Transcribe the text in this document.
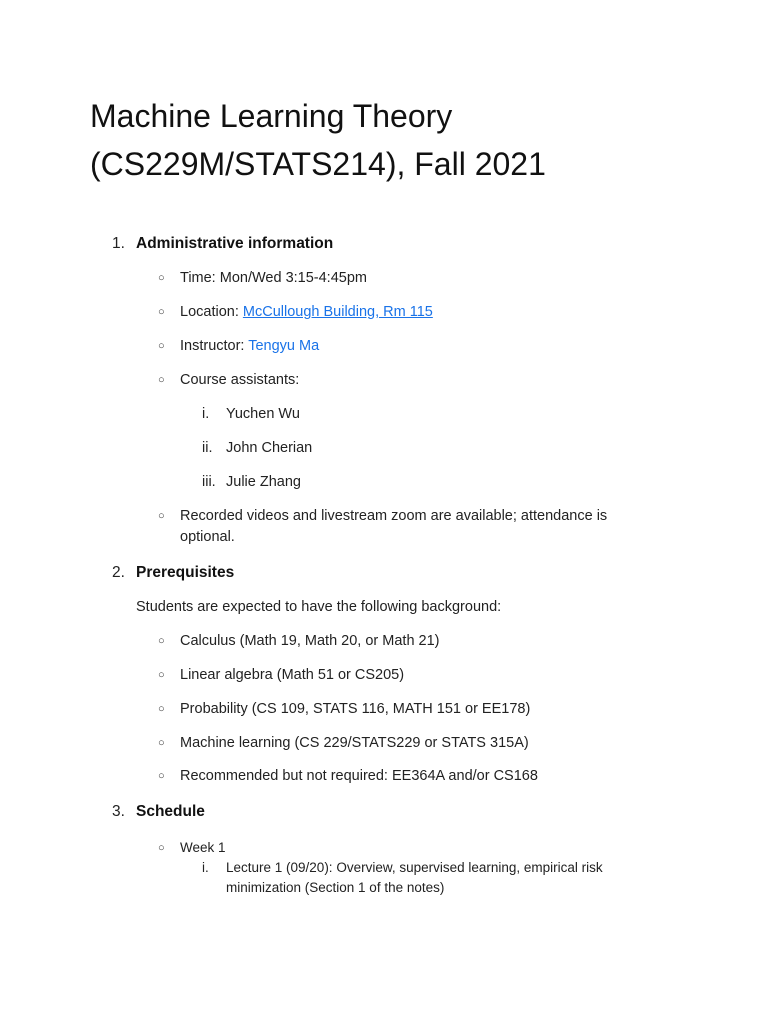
Machine Learning Theory (CS229M/STATS214), Fall 2021
1. Administrative information
○ Time: Mon/Wed 3:15-4:45pm
○ Location: McCullough Building, Rm 115
○ Instructor: Tengyu Ma
○ Course assistants:
i. Yuchen Wu
ii. John Cherian
iii. Julie Zhang
○ Recorded videos and livestream zoom are available; attendance is optional.
2. Prerequisites
Students are expected to have the following background:
○ Calculus (Math 19, Math 20, or Math 21)
○ Linear algebra (Math 51 or CS205)
○ Probability (CS 109, STATS 116, MATH 151 or EE178)
○ Machine learning (CS 229/STATS229 or STATS 315A)
○ Recommended but not required: EE364A and/or CS168
3. Schedule
○ Week 1
i. Lecture 1 (09/20): Overview, supervised learning, empirical risk minimization (Section 1 of the notes)
